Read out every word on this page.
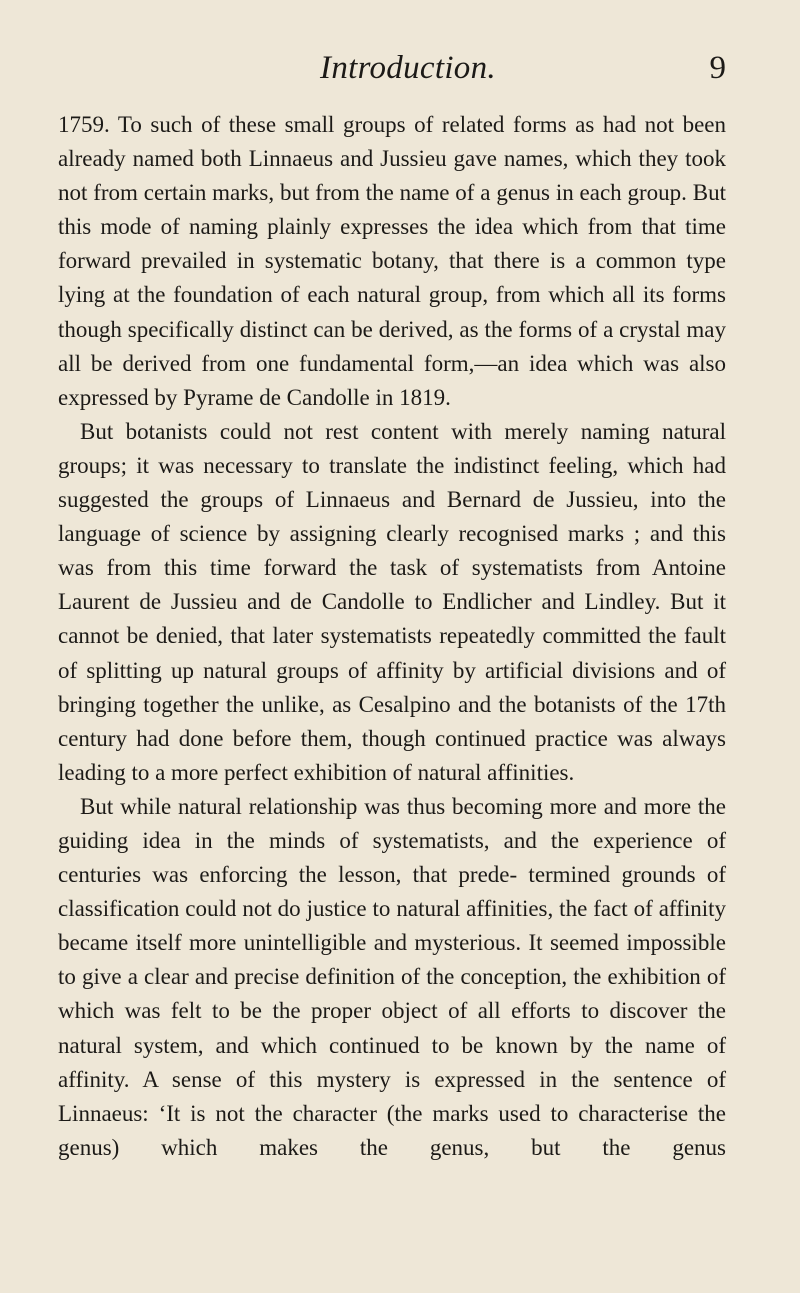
Introduction.	9

1759. To such of these small groups of related forms as had not been already named both Linnaeus and Jussieu gave names, which they took not from certain marks, but from the name of a genus in each group. But this mode of naming plainly expresses the idea which from that time forward prevailed in systematic botany, that there is a common type lying at the foundation of each natural group, from which all its forms though specifically distinct can be derived, as the forms of a crystal may all be derived from one fundamental form,—an idea which was also expressed by Pyrame de Candolle in 1819.

But botanists could not rest content with merely naming natural groups; it was necessary to translate the indistinct feeling, which had suggested the groups of Linnaeus and Bernard de Jussieu, into the language of science by assigning clearly recognised marks ; and this was from this time forward the task of systematists from Antoine Laurent de Jussieu and de Candolle to Endlicher and Lindley. But it cannot be denied, that later systematists repeatedly committed the fault of splitting up natural groups of affinity by artificial divisions and of bringing together the unlike, as Cesalpino and the botanists of the 17th century had done before them, though continued practice was always leading to a more perfect exhibition of natural affinities.

But while natural relationship was thus becoming more and more the guiding idea in the minds of systematists, and the experience of centuries was enforcing the lesson, that prede- termined grounds of classification could not do justice to natural affinities, the fact of affinity became itself more unintelligible and mysterious. It seemed impossible to give a clear and precise definition of the conception, the exhibition of which was felt to be the proper object of all efforts to discover the natural system, and which continued to be known by the name of affinity. A sense of this mystery is expressed in the sentence of Linnaeus: ‘It is not the character (the marks used to characterise the genus) which makes the genus, but the genus
